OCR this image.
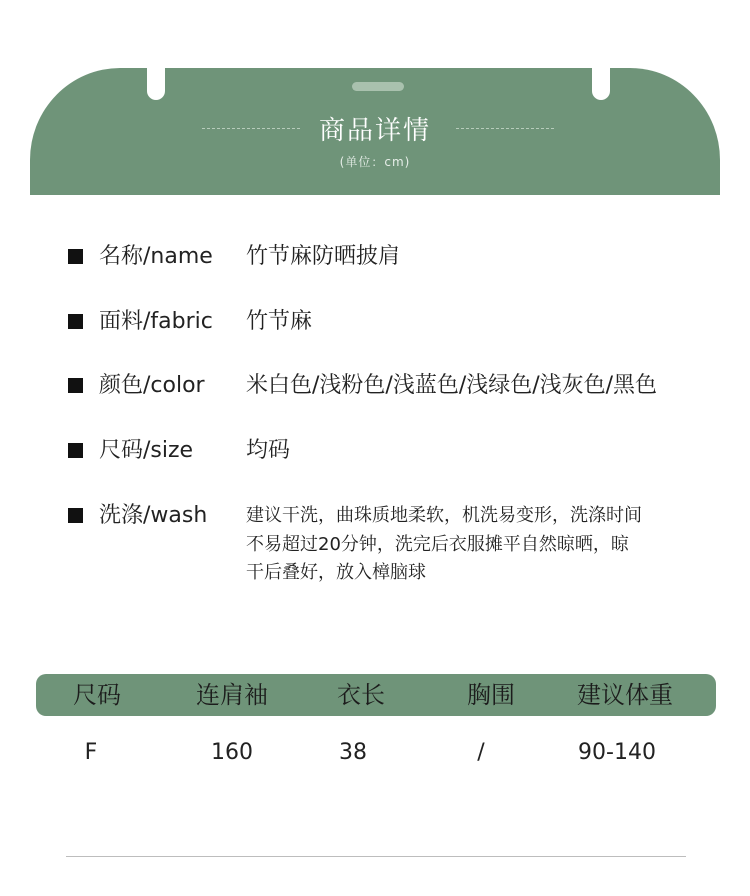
商品详情
(单位：cm)
名称/name 竹节麻防晒披肩
面料/fabric 竹节麻
颜色/color 米白色/浅粉色/浅蓝色/浅绿色/浅灰色/黑色
尺码/size 均码
洗涤/wash 建议干洗，曲珠质地柔软，机洗易变形，洗涤时间不易超过20分钟，洗完后衣服摊平自然晾晒，晾干后叠好，放入樟脑球
尺码	连肩袖	衣长	胸围	建议体重
F	160	38	/	90-140
